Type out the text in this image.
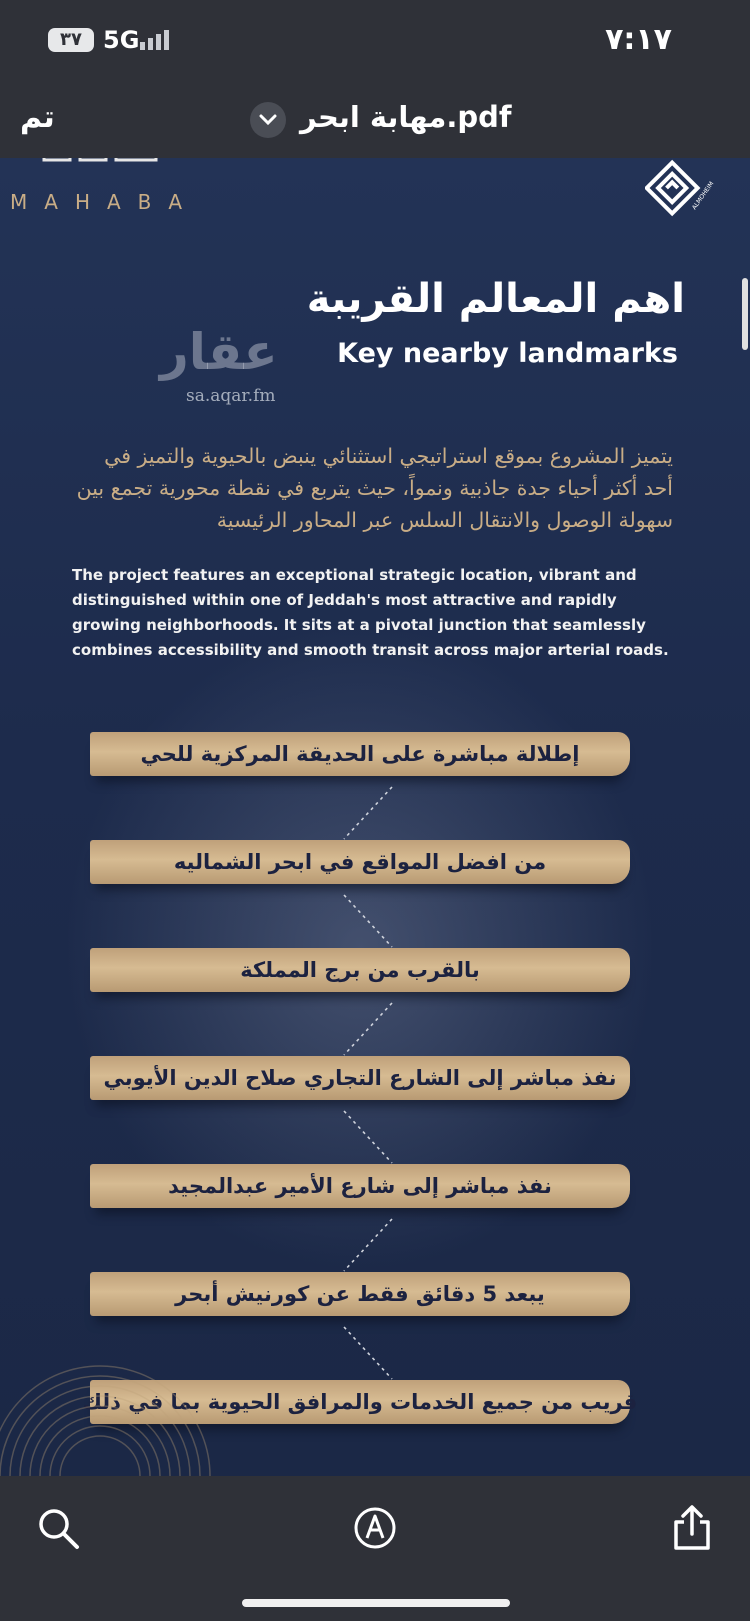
٣٧ 5G	٧:١٧
تم	مهابة ابحر.pdf
MAHABA	ALMOHEIM
اهم المعالم القريبة
عقار
sa.aqar.fm
Key nearby landmarks
يتميز المشروع بموقع استراتيجي استثنائي ينبض بالحيوية والتميز في أحد أكثر أحياء جدة جاذبية ونمواً، حيث يتربع في نقطة محورية تجمع بين سهولة الوصول والانتقال السلس عبر المحاور الرئيسية
The project features an exceptional strategic location, vibrant and distinguished within one of Jeddah's most attractive and rapidly growing neighborhoods. It sits at a pivotal junction that seamlessly combines accessibility and smooth transit across major arterial roads.
إطلالة مباشرة على الحديقة المركزية للحي
من افضل المواقع في ابحر الشماليه
بالقرب من برج المملكة
نفذ مباشر إلى الشارع التجاري صلاح الدين الأيوبي
نفذ مباشر إلى شارع الأمير عبدالمجيد
يبعد 5 دقائق فقط عن كورنيش أبحر
قريب من جميع الخدمات والمرافق الحيوية بما في ذلك
